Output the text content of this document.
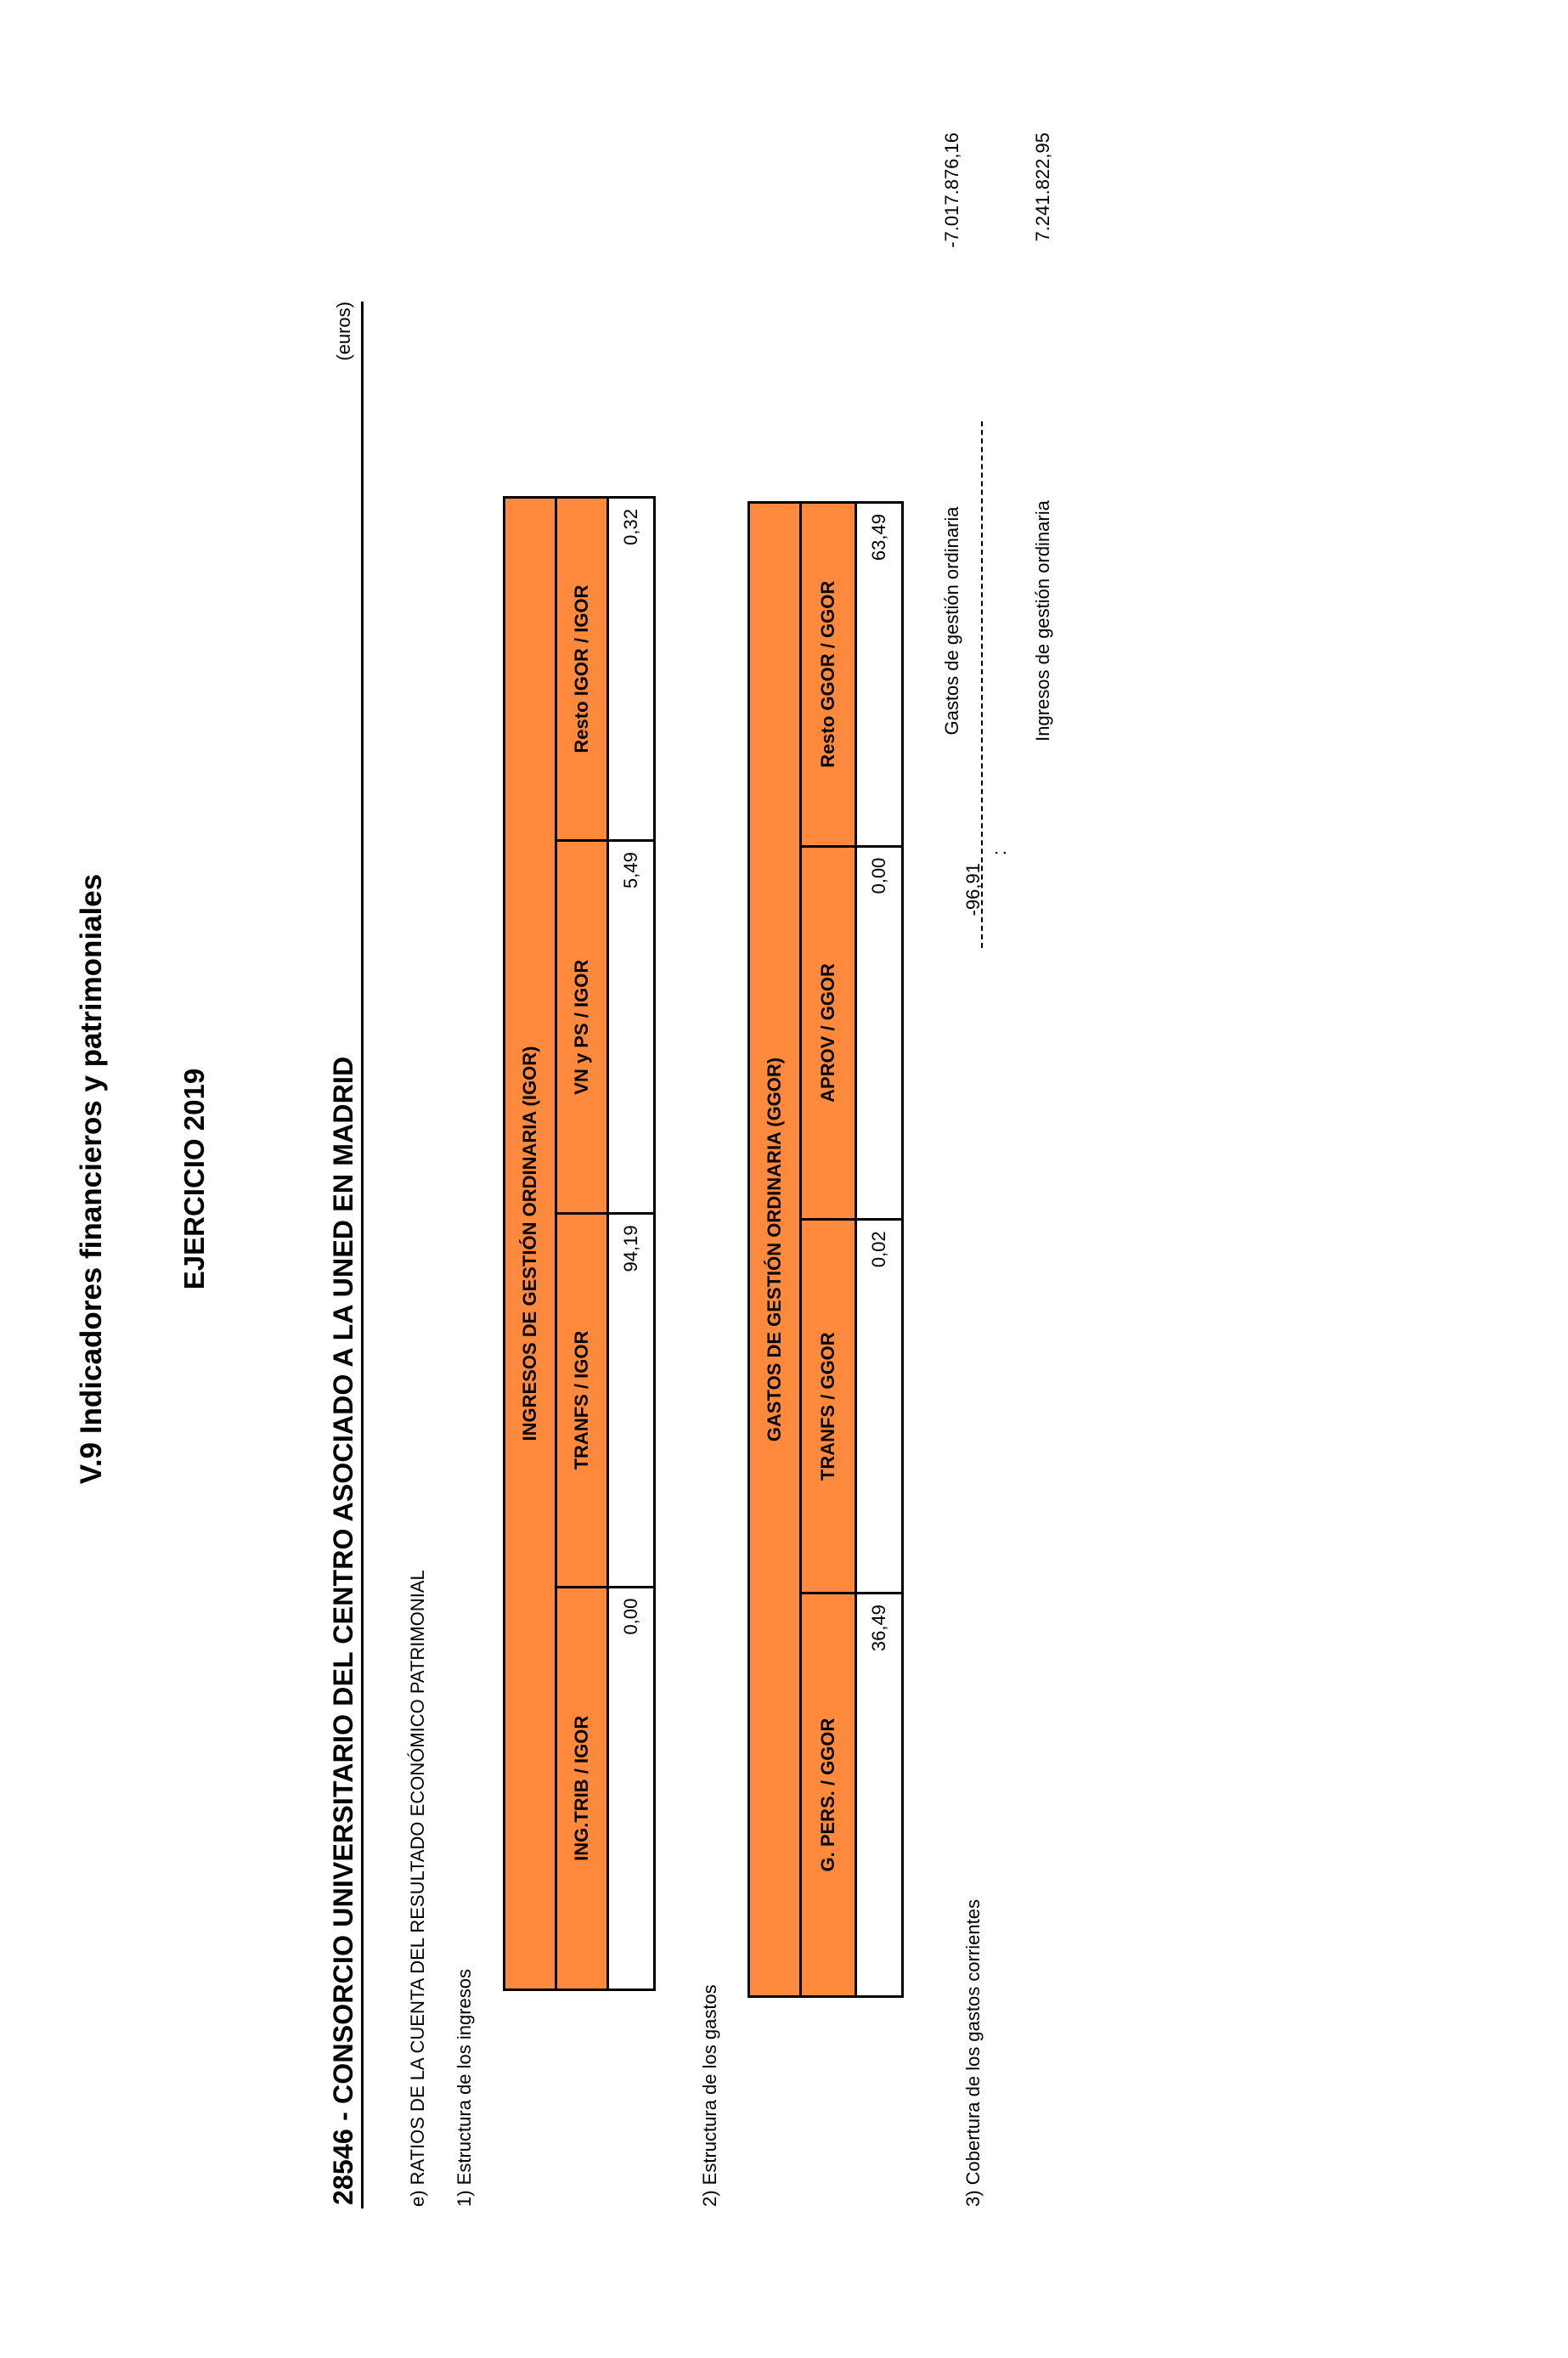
V.9 Indicadores financieros y patrimoniales	EJERCICIO 2019	28546 - CONSORCIO UNIVERSITARIO DEL CENTRO ASOCIADO A LA UNED EN MADRID
(euros)
e) RATIOS DE LA CUENTA DEL RESULTADO ECONÓMICO PATRIMONIAL 1) Estructura de los ingresos
INGRESOS DE GESTIÓN ORDINARIA (IGOR)			
ING.TRIB / IGOR	TRANFS / IGOR	VN y PS / IGOR	Resto IGOR / IGOR
0,00	94,19	5,49	0,32
2) Estructura de los gastos
GASTOS DE GESTIÓN ORDINARIA (GGOR)			
G. PERS. / GGOR	TRANFS / GGOR	APROV / GGOR	Resto GGOR / GGOR
36,49	0,02	0,00	63,49
3) Cobertura de los gastos corrientes
-96,91
:
Gastos de gestión ordinaria	Ingresos de gestión ordinaria
-7.017.876,16	7.241.822,95
